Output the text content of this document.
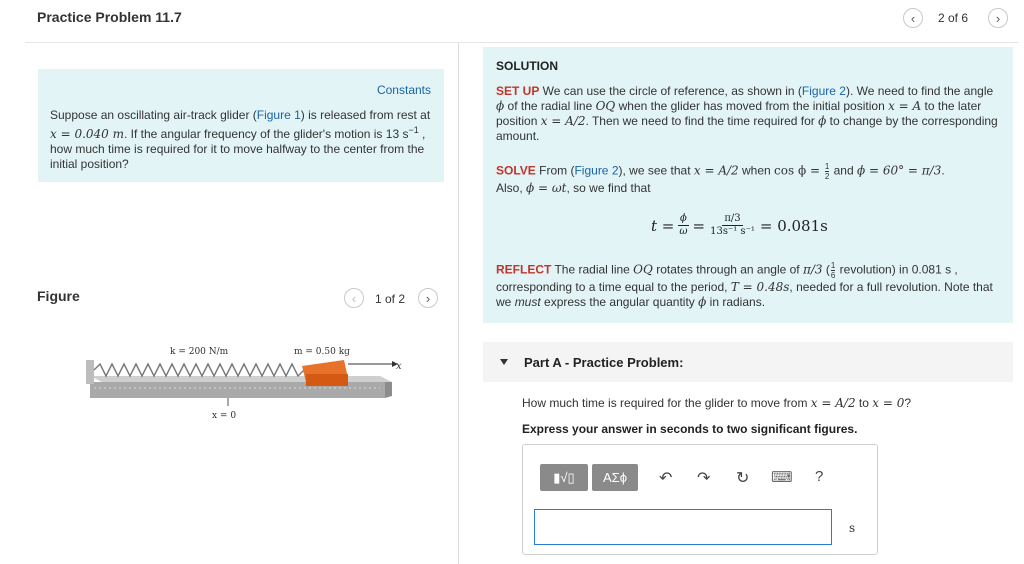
Practice Problem 11.7	‹ 2 of 6 ›
Constants
Suppose an oscillating air-track glider (Figure 1) is released from rest at x = 0.040 m. If the angular frequency of the glider's motion is 13 $s^{-1}$ , how much time is required for it to move halfway to the center from the initial position?
Figure	‹ 1 of 2 ›
x
k = 200 N/m	m = 0.50 kg
x = 0
SOLUTION
SET UP We can use the circle of reference, as shown in (Figure 2). We need to find the angle ϕ of the radial line OQ when the glider has moved from the initial position x = A to the later position x = A/2. Then we need to find the time required for ϕ to change by the corresponding amount.
SOLVE From (Figure 2), we see that x = A/2 when $\cos \phi = \frac{1}{2}$ and ϕ = 60° = π/3.
Also, ϕ = ωt, so we find that
$t = \frac{\phi}{\omega} = \frac{\pi/3}{\text{13s⁻¹ s⁻¹}} = 0.081s$
REFLECT The radial line OQ rotates through an angle of π/3 ( $\frac{1}{6}$ revolution) in 0.081 s , corresponding to a time equal to the period, T = 0.48s, needed for a full revolution. Note that we must express the angular quantity ϕ in radians.
Part A - Practice Problem:
How much time is required for the glider to move from x = A/2 to x = 0?
Express your answer in seconds to two significant figures.
▮√▯	ΑΣϕ	↶ ↷ ↻ ⌨ ?
s
